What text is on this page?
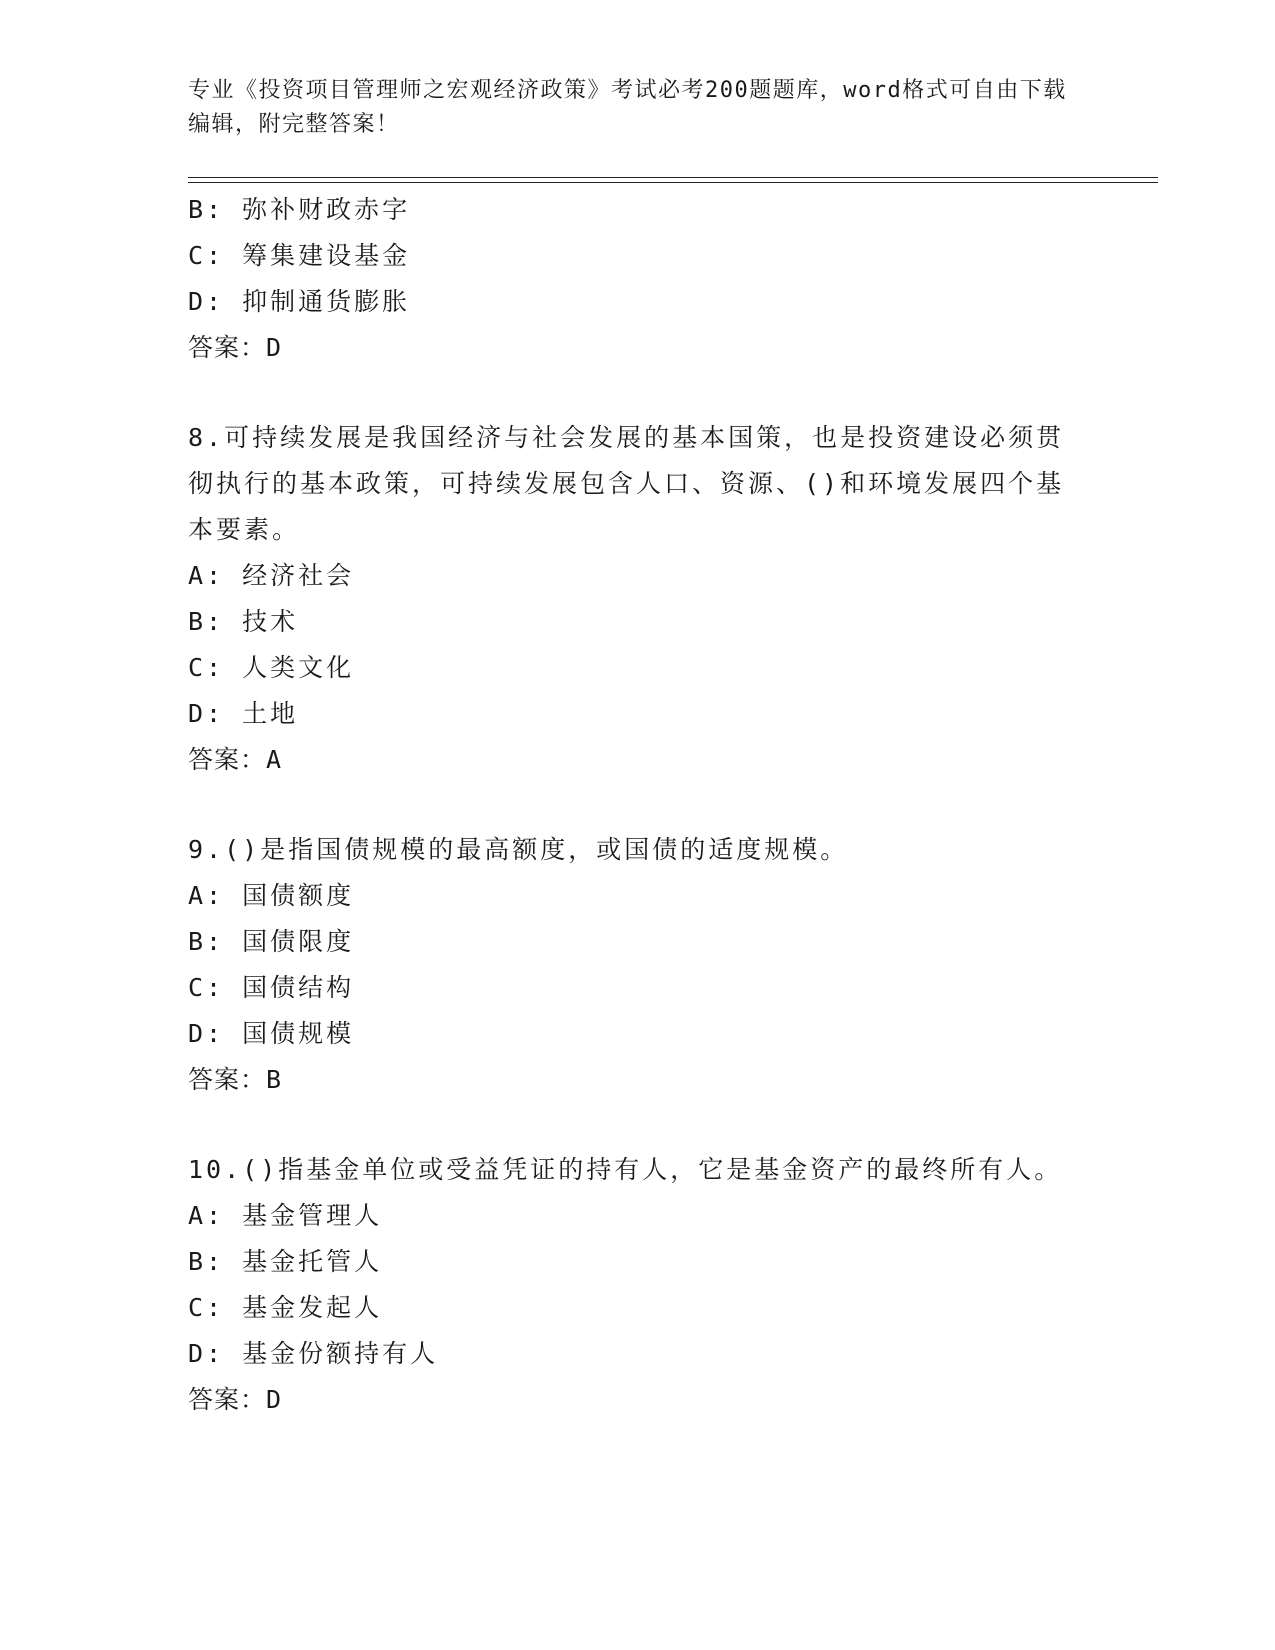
专业《投资项目管理师之宏观经济政策》考试必考200题题库，word格式可自由下载编辑，附完整答案！
B: 弥补财政赤字
C: 筹集建设基金
D: 抑制通货膨胀
答案：D
8.可持续发展是我国经济与社会发展的基本国策，也是投资建设必须贯彻执行的基本政策，可持续发展包含人口、资源、()和环境发展四个基本要素。
A: 经济社会
B: 技术
C: 人类文化
D: 土地
答案：A
9.()是指国债规模的最高额度，或国债的适度规模。
A: 国债额度
B: 国债限度
C: 国债结构
D: 国债规模
答案：B
10.()指基金单位或受益凭证的持有人，它是基金资产的最终所有人。
A: 基金管理人
B: 基金托管人
C: 基金发起人
D: 基金份额持有人
答案：D
